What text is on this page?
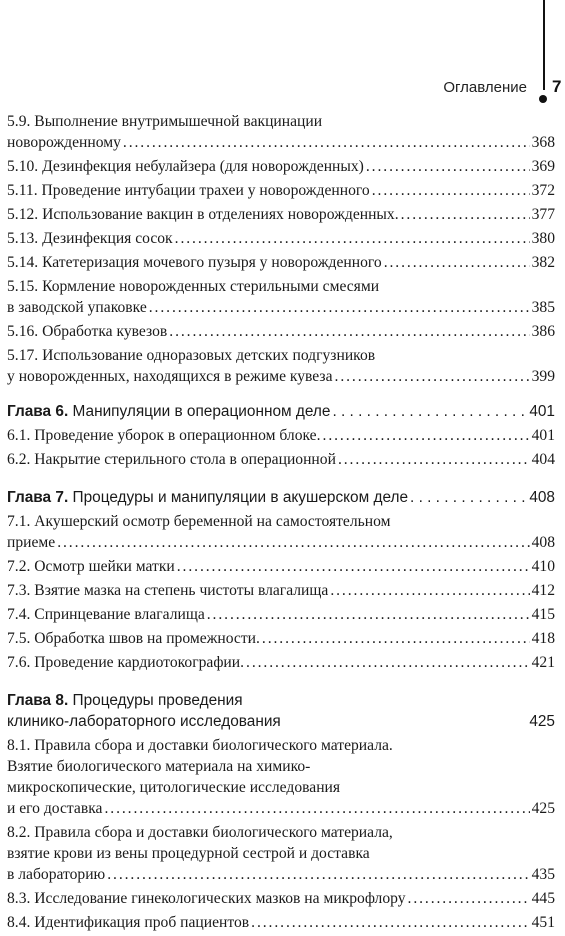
Оглавление 7
5.9. Выполнение внутримышечной вакцинации
новорожденному . . .	368
5.10. Дезинфекция небулайзера (для новорожденных) . . .	369
5.11. Проведение интубации трахеи у новорожденного . . .	372
5.12. Использование вакцин в отделениях новорожденных. . . .	377
5.13. Дезинфекция сосок . . .	380
5.14. Катетеризация мочевого пузыря у новорожденного . . .	382
5.15. Кормление новорожденных стерильными смесями
в заводской упаковке . . .	385
5.16. Обработка кувезов . . .	386
5.17. Использование одноразовых детских подгузников
у новорожденных, находящихся в режиме кувеза . . .	399
Глава 6. Манипуляции в операционном деле . . .	401
6.1. Проведение уборок в операционном блоке. . . .	401
6.2. Накрытие стерильного стола в операционной . . .	404
Глава 7. Процедуры и манипуляции в акушерском деле . . .	408
7.1. Акушерский осмотр беременной на самостоятельном
приеме . . .	408
7.2. Осмотр шейки матки . . .	410
7.3. Взятие мазка на степень чистоты влагалища . . .	412
7.4. Спринцевание влагалища . . .	415
7.5. Обработка швов на промежности. . . .	418
7.6. Проведение кардиотокографии. . . .	421
Глава 8. Процедуры проведения
клинико-лабораторного исследования	425
8.1. Правила сбора и доставки биологического материала.
Взятие биологического материала на химико-
микроскопические, цитологические исследования
и его доставка . . .	425
8.2. Правила сбора и доставки биологического материала,
взятие крови из вены процедурной сестрой и доставка
в лабораторию . . .	435
8.3. Исследование гинекологических мазков на микрофлору . . .	445
8.4. Идентификация проб пациентов . . .	451
